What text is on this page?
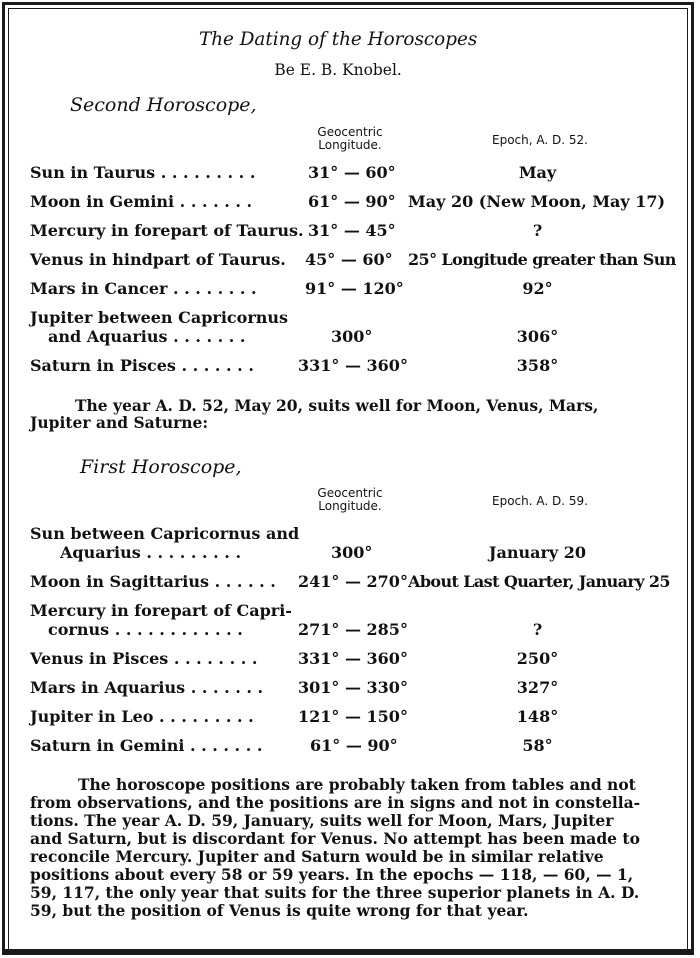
The Dating of the Horoscopes
Be E. B. Knobel.
Second Horoscope,
Geocentric
Longitude.	Epoch, A. D. 52.
Sun in Taurus . . . . . . . . .	31° — 60°	May
Moon in Gemini . . . . . . .	61° — 90° May 20 (New Moon, May 17)
Mercury in forepart of Taurus. 31° — 45°	?
Venus in hindpart of Taurus. 45° — 60° 25° Longitude greater than Sun
Mars in Cancer . . . . . . . .	91° — 120°	92°
Jupiter between Capricornus
and Aquarius . . . . . . .	300°	306°
Saturn in Pisces . . . . . . .	331° — 360°	358°
The year A. D. 52, May 20, suits well for Moon, Venus, Mars,
Jupiter and Saturne:
First Horoscope,
Geocentric
Longitude.	Epoch. A. D. 59.
Sun between Capricornus and
Aquarius . . . . . . . . .	300°	January 20
Moon in Sagittarius . . . . . . 241° — 270° About Last Quarter, January 25
Mercury in forepart of Capri-
cornus . . . . . . . . . . . .	271° — 285°	?
Venus in Pisces . . . . . . . .	331° — 360°	250°
Mars in Aquarius . . . . . . . 301° — 330°	327°
Jupiter in Leo . . . . . . . . .	121° — 150°	148°
Saturn in Gemini . . . . . . .	61° — 90°	58°
The horoscope positions are probably taken from tables and not
from observations, and the positions are in signs and not in constella-
tions. The year A. D. 59, January, suits well for Moon, Mars, Jupiter
and Saturn, but is discordant for Venus. No attempt has been made to
reconcile Mercury. Jupiter and Saturn would be in similar relative
positions about every 58 or 59 years. In the epochs — 118, — 60, — 1,
59, 117, the only year that suits for the three superior planets in A. D.
59, but the position of Venus is quite wrong for that year.
